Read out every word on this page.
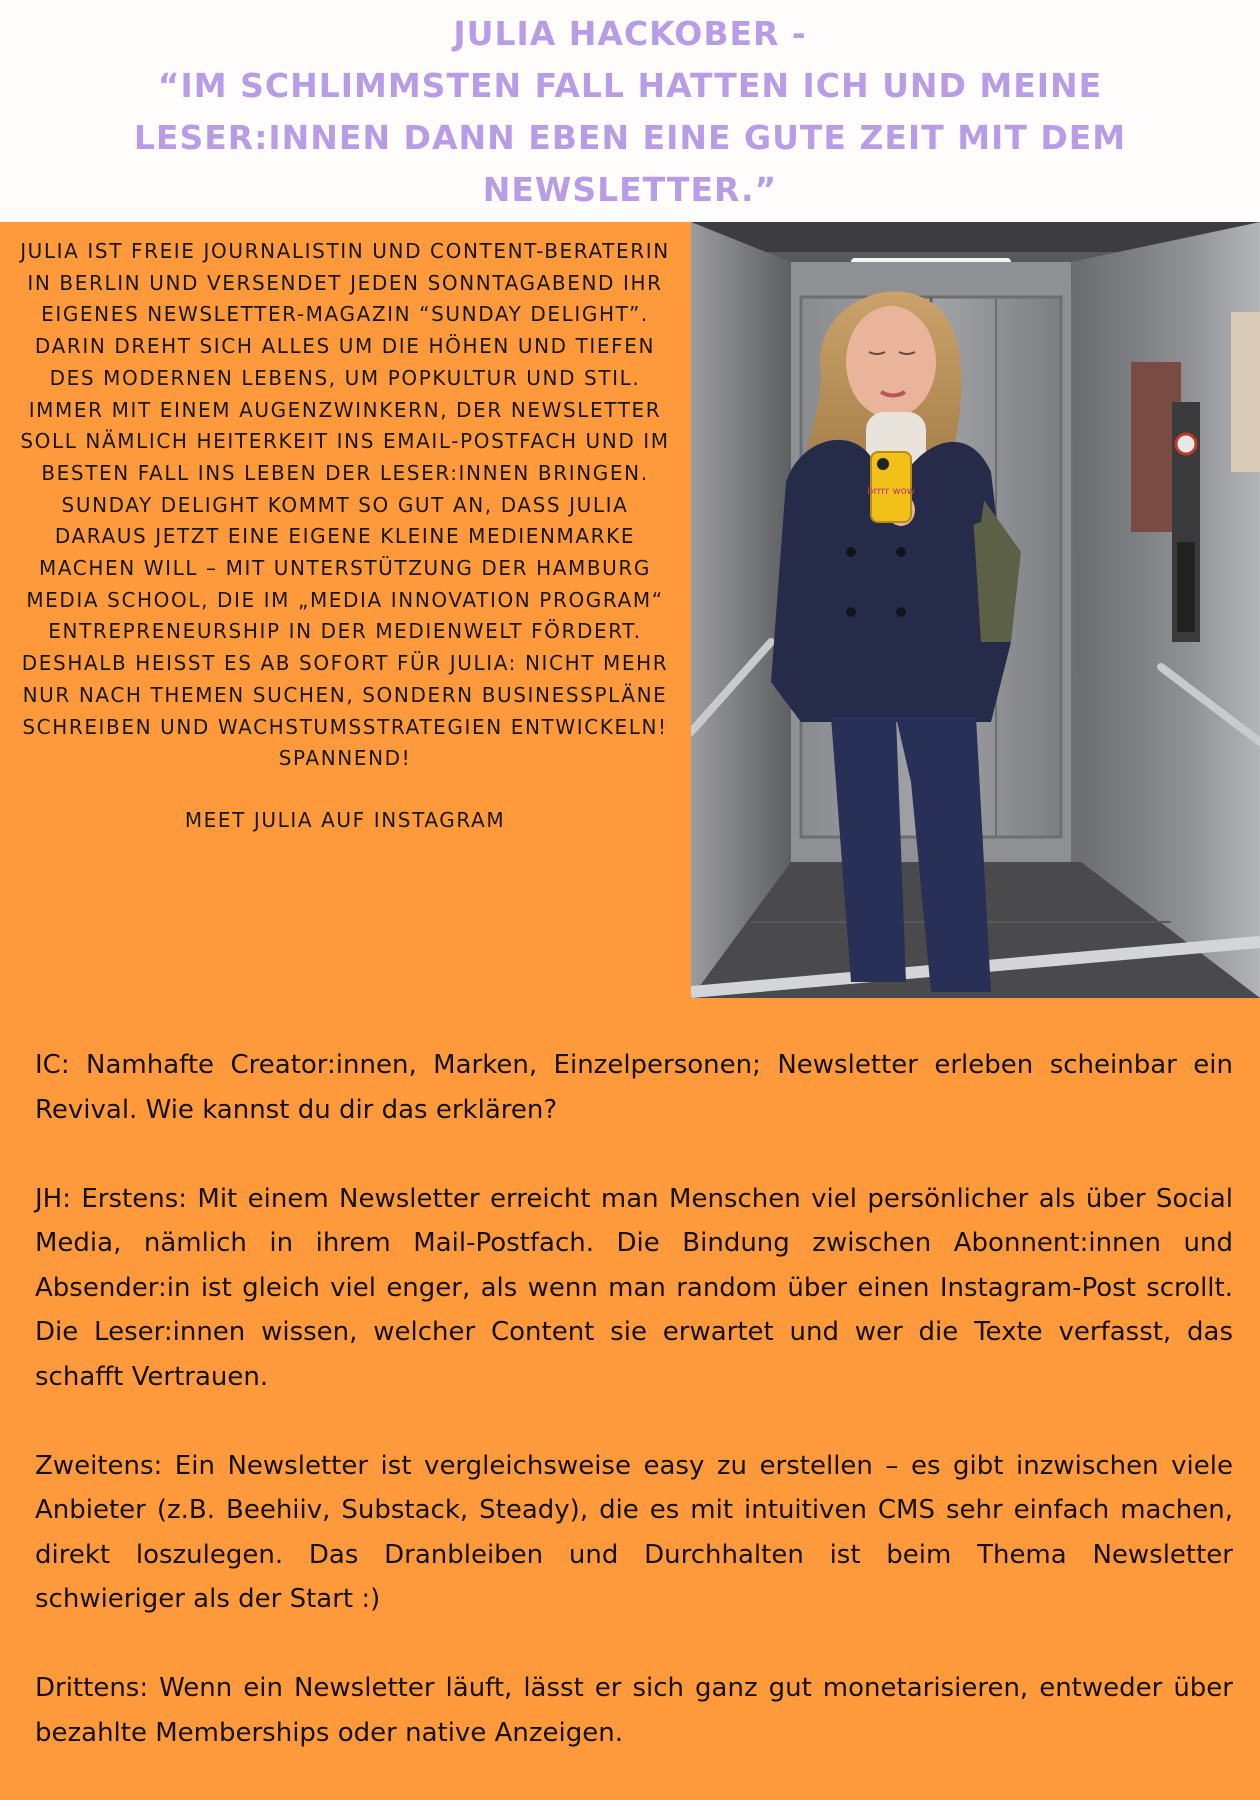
JULIA HACKOBER -

“IM SCHLIMMSTEN FALL HATTEN ICH UND MEINE

LESER:INNEN DANN EBEN EINE GUTE ZEIT MIT DEM

NEWSLETTER.”

JULIA IST FREIE JOURNALISTIN UND CONTENT-BERATERIN

IN BERLIN UND VERSENDET JEDEN SONNTAGABEND IHR

EIGENES NEWSLETTER-MAGAZIN “SUNDAY DELIGHT”.

DARIN DREHT SICH ALLES UM DIE HÖHEN UND TIEFEN

DES MODERNEN LEBENS, UM POPKULTUR UND STIL.

IMMER MIT EINEM AUGENZWINKERN, DER NEWSLETTER

SOLL NÄMLICH HEITERKEIT INS EMAIL-POSTFACH UND IM

BESTEN FALL INS LEBEN DER LESER:INNEN BRINGEN.

SUNDAY DELIGHT KOMMT SO GUT AN, DASS JULIA

DARAUS JETZT EINE EIGENE KLEINE MEDIENMARKE

MACHEN WILL – MIT UNTERSTÜTZUNG DER HAMBURG

MEDIA SCHOOL, DIE IM „MEDIA INNOVATION PROGRAM“

ENTREPRENEURSHIP IN DER MEDIENWELT FÖRDERT.

DESHALB HEISST ES AB SOFORT FÜR JULIA: NICHT MEHR

NUR NACH THEMEN SUCHEN, SONDERN BUSINESSPLÄNE

SCHREIBEN UND WACHSTUMSSTRATEGIEN ENTWICKELN!

SPANNEND!

MEET JULIA AUF INSTAGRAM
brrrr wow

IC: Namhafte Creator:innen, Marken, Einzelpersonen; Newsletter erleben scheinbar ein Revival. Wie kannst du dir das erklären?

JH: Erstens: Mit einem Newsletter erreicht man Menschen viel persönlicher als über Social Media, nämlich in ihrem Mail-Postfach. Die Bindung zwischen Abonnent:innen und Absender:in ist gleich viel enger, als wenn man random über einen Instagram-Post scrollt. Die Leser:innen wissen, welcher Content sie erwartet und wer die Texte verfasst, das schafft Vertrauen.

Zweitens: Ein Newsletter ist vergleichsweise easy zu erstellen – es gibt inzwischen viele Anbieter (z.B. Beehiiv, Substack, Steady), die es mit intuitiven CMS sehr einfach machen, direkt loszulegen. Das Dranbleiben und Durchhalten ist beim Thema Newsletter schwieriger als der Start :)

Drittens: Wenn ein Newsletter läuft, lässt er sich ganz gut monetarisieren, entweder über bezahlte Memberships oder native Anzeigen.
